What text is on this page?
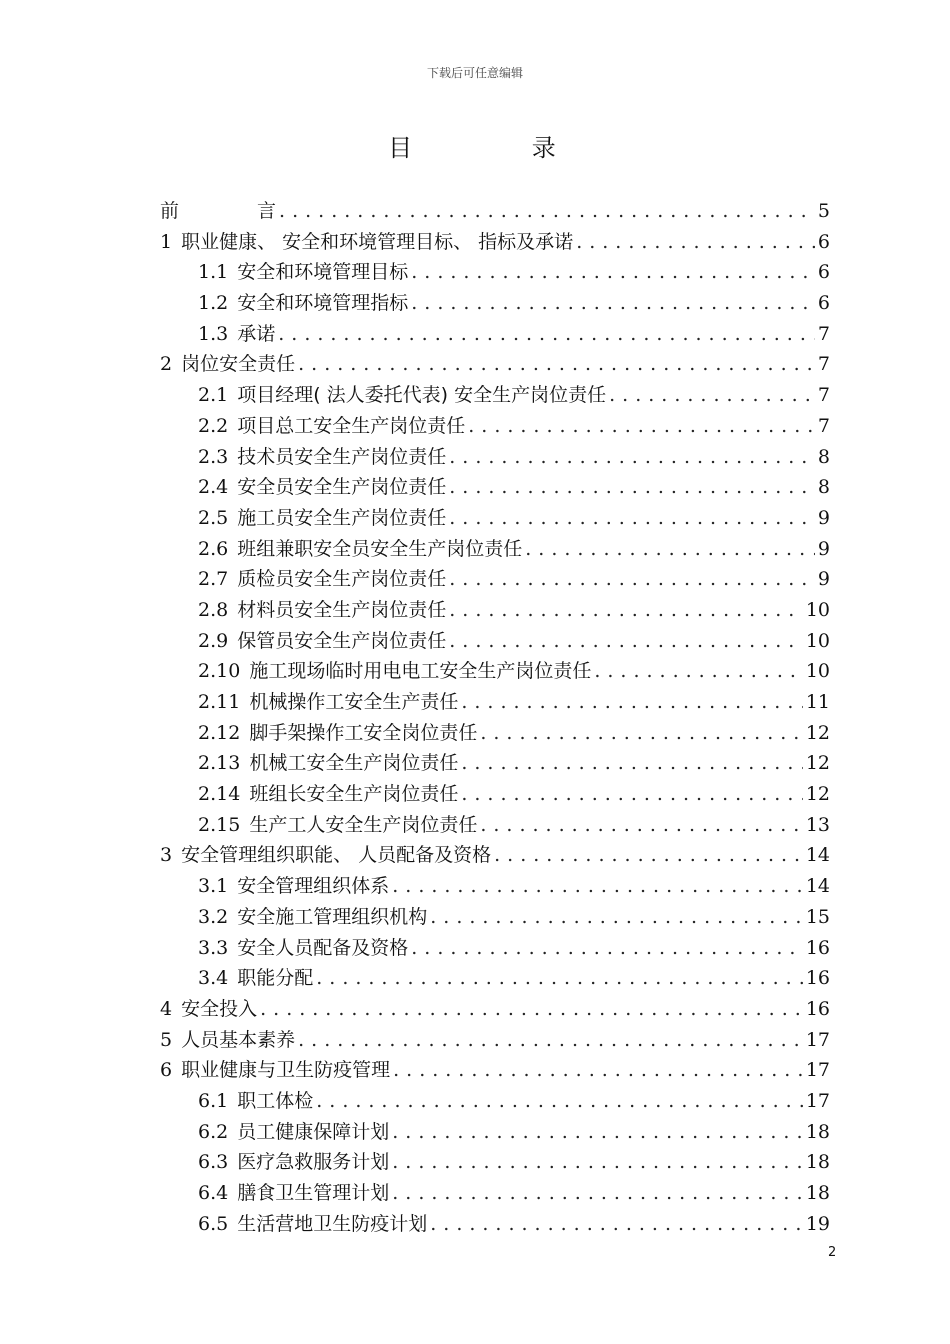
下载后可任意编辑
目 录
前 言 .....	5
1 职业健康、 安全和环境管理目标、 指标及承诺 .....	6
1.1 安全和环境管理目标 .....	6
1.2 安全和环境管理指标 .....	6
1.3 承诺 .....	7
2 岗位安全责任 .....	7
2.1 项目经理( 法人委托代表) 安全生产岗位责任 .....	7
2.2 项目总工安全生产岗位责任 .....	7
2.3 技术员安全生产岗位责任 .....	8
2.4 安全员安全生产岗位责任 .....	8
2.5 施工员安全生产岗位责任 .....	9
2.6 班组兼职安全员安全生产岗位责任 .....	9
2.7 质检员安全生产岗位责任 .....	9
2.8 材料员安全生产岗位责任 .....	10
2.9 保管员安全生产岗位责任 .....	10
2.10 施工现场临时用电电工安全生产岗位责任 .....	10
2.11 机械操作工安全生产责任 .....	11
2.12 脚手架操作工安全岗位责任 .....	12
2.13 机械工安全生产岗位责任 .....	12
2.14 班组长安全生产岗位责任 .....	12
2.15 生产工人安全生产岗位责任 .....	13
3 安全管理组织职能、 人员配备及资格 .....	14
3.1 安全管理组织体系 .....	14
3.2 安全施工管理组织机构 .....	15
3.3 安全人员配备及资格 .....	16
3.4 职能分配 .....	16
4 安全投入 .....	16
5 人员基本素养 .....	17
6 职业健康与卫生防疫管理 .....	17
6.1 职工体检 .....	17
6.2 员工健康保障计划 .....	18
6.3 医疗急救服务计划 .....	18
6.4 膳食卫生管理计划 .....	18
6.5 生活营地卫生防疫计划 .....	19
2
